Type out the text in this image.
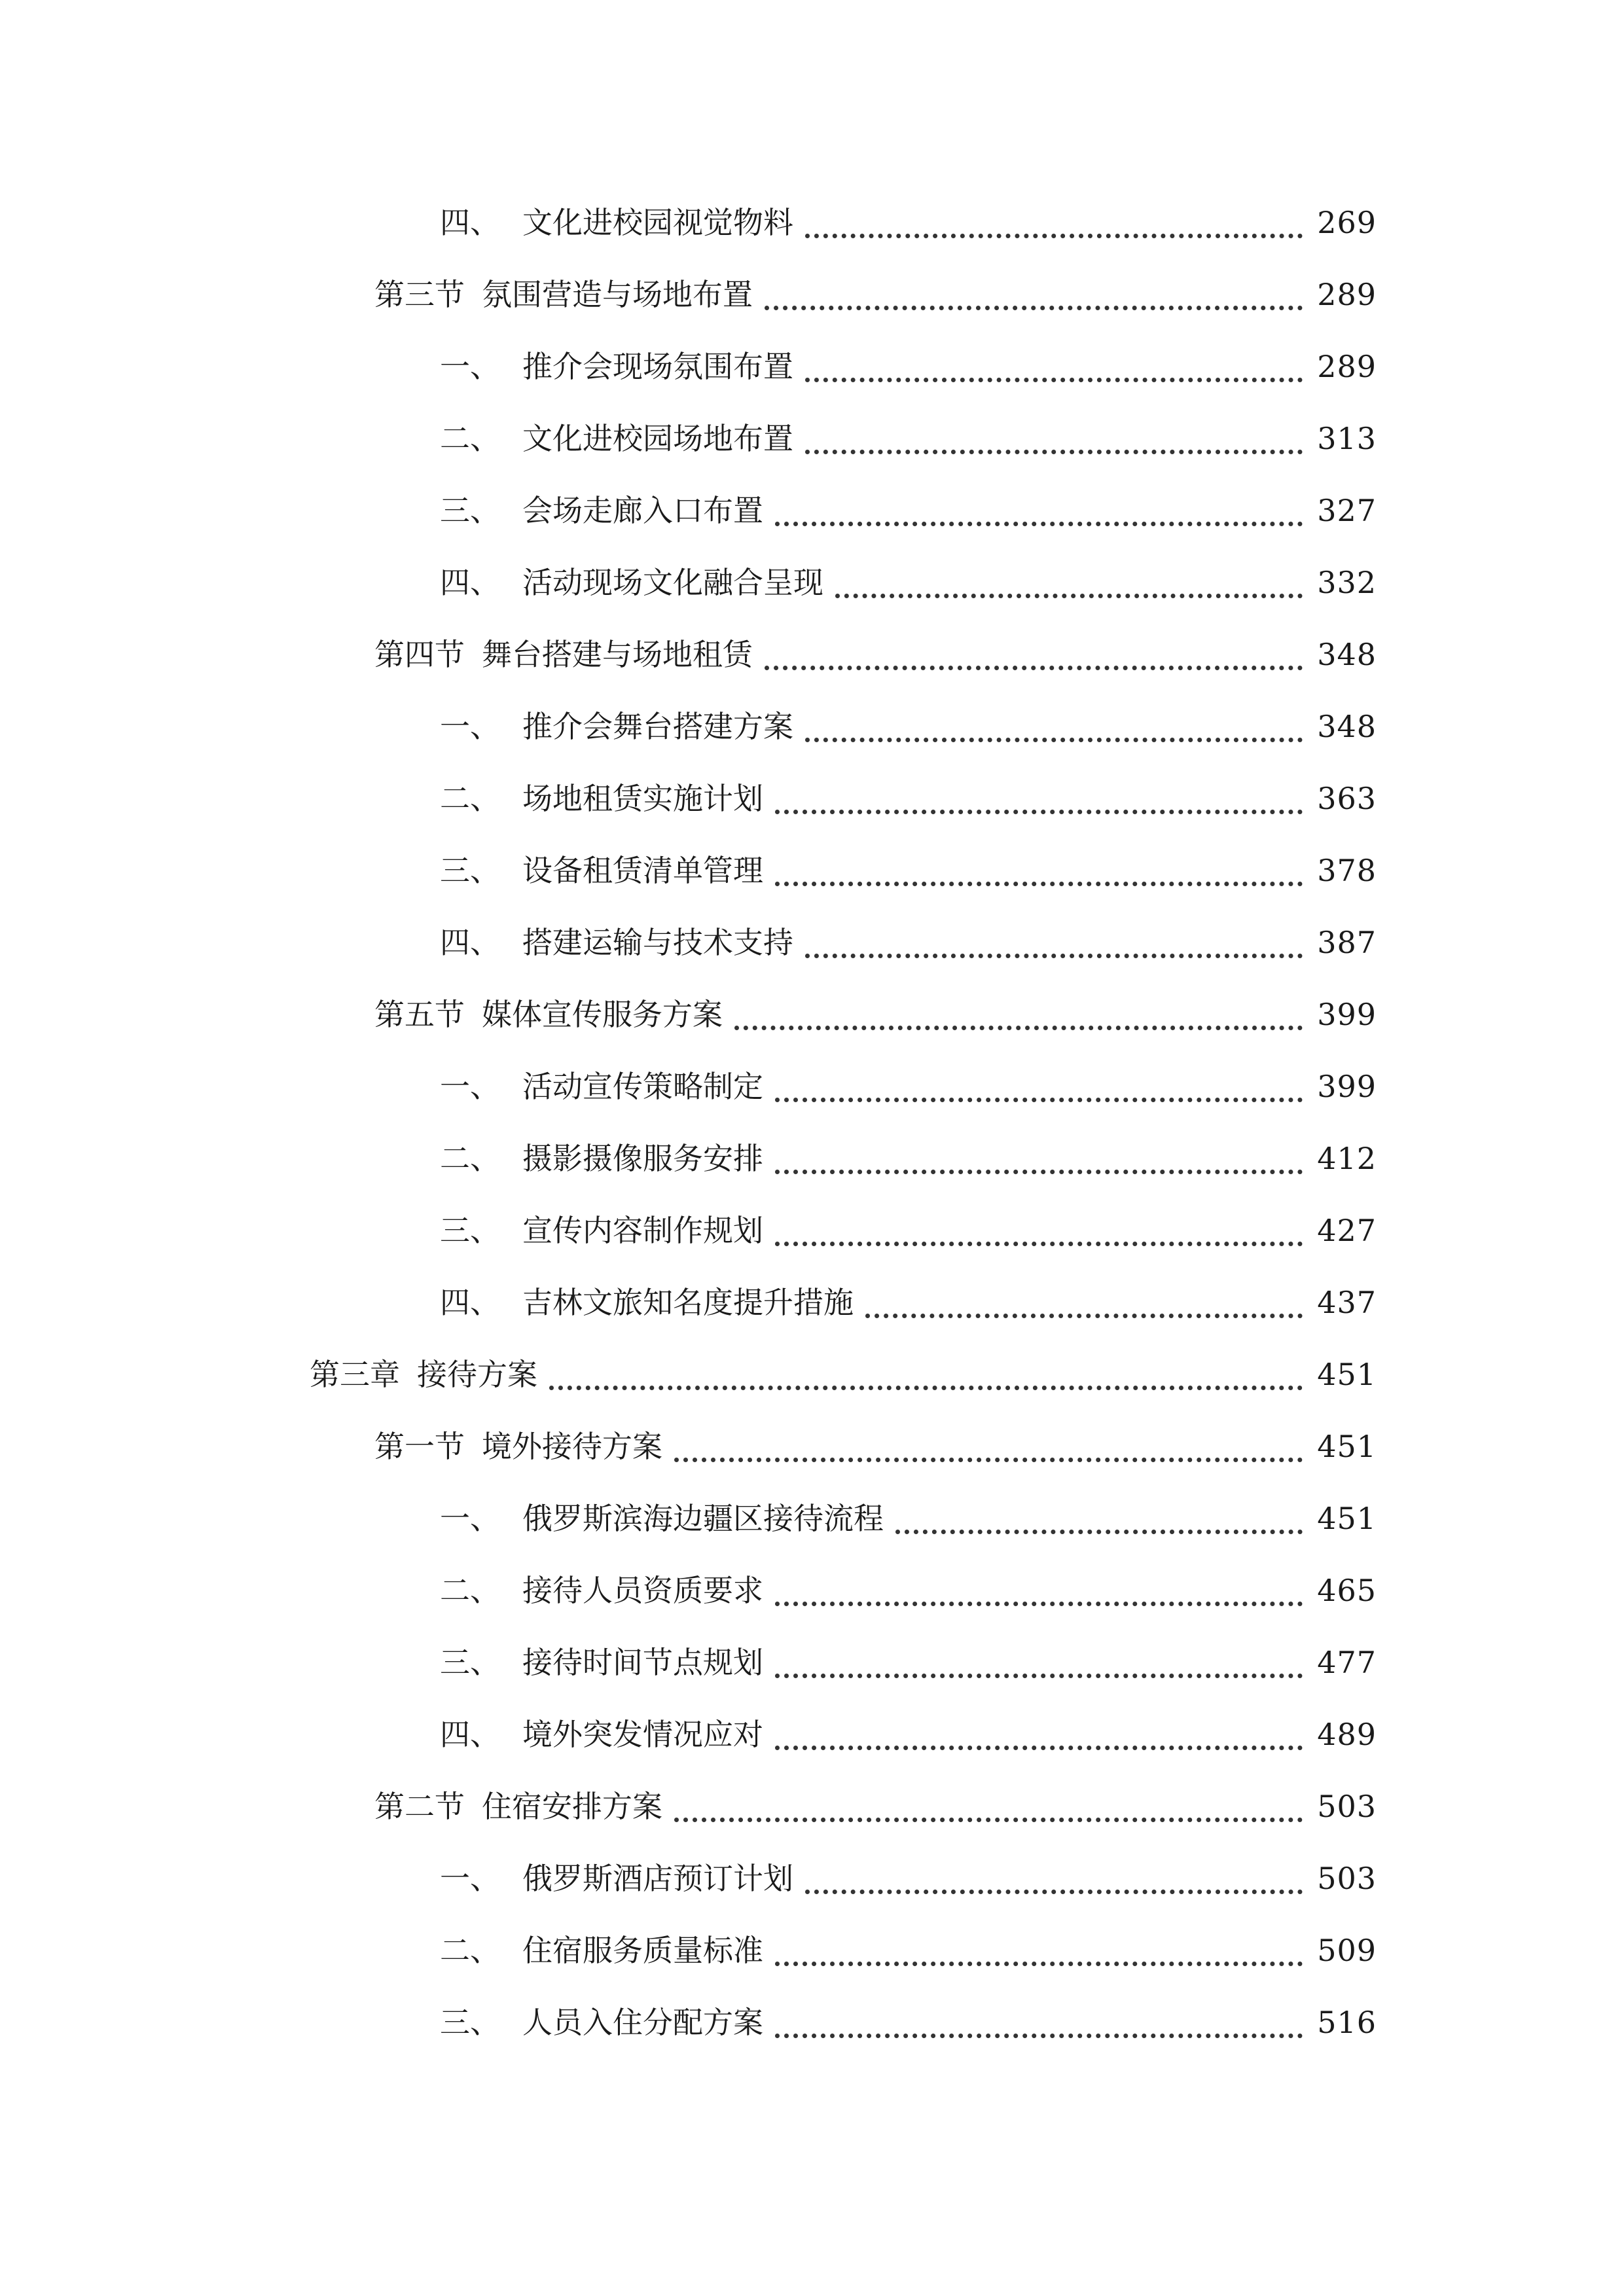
四、 文化进校园视觉物料	269
第三节 氛围营造与场地布置	289
一、 推介会现场氛围布置	289
二、 文化进校园场地布置	313
三、 会场走廊入口布置	327
四、 活动现场文化融合呈现	332
第四节 舞台搭建与场地租赁	348
一、 推介会舞台搭建方案	348
二、 场地租赁实施计划	363
三、 设备租赁清单管理	378
四、 搭建运输与技术支持	387
第五节 媒体宣传服务方案	399
一、 活动宣传策略制定	399
二、 摄影摄像服务安排	412
三、 宣传内容制作规划	427
四、 吉林文旅知名度提升措施	437
第三章 接待方案	451
第一节 境外接待方案	451
一、 俄罗斯滨海边疆区接待流程	451
二、 接待人员资质要求	465
三、 接待时间节点规划	477
四、 境外突发情况应对	489
第二节 住宿安排方案	503
一、 俄罗斯酒店预订计划	503
二、 住宿服务质量标准	509
三、 人员入住分配方案	516
